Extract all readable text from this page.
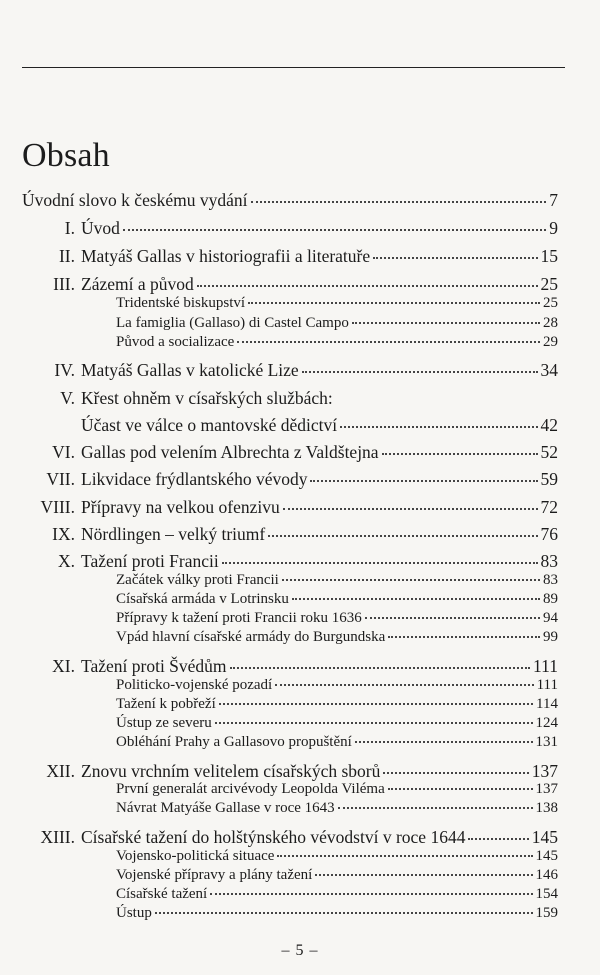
Obsah
Úvodní slovo k českému vydání	7
I. Úvod	9
II. Matyáš Gallas v historiografii a literatuře	15
III. Zázemí a původ	25
Tridentské biskupství	25
La famiglia (Gallaso) di Castel Campo	28
Původ a socializace	29
IV. Matyáš Gallas v katolické Lize	34
V. Křest ohněm v císařských službách:
Účast ve válce o mantovské dědictví	42
VI. Gallas pod velením Albrechta z Valdštejna	52
VII. Likvidace frýdlantského vévody	59
VIII. Přípravy na velkou ofenzivu	72
IX. Nördlingen – velký triumf	76
X. Tažení proti Francii	83
Začátek války proti Francii	83
Císařská armáda v Lotrinsku	89
Přípravy k tažení proti Francii roku 1636	94
Vpád hlavní císařské armády do Burgundska	99
XI. Tažení proti Švédům	111
Politicko-vojenské pozadí	111
Tažení k pobřeží	114
Ústup ze severu	124
Obléhání Prahy a Gallasovo propuštění	131
XII. Znovu vrchním velitelem císařských sborů	137
První generalát arcivévody Leopolda Viléma	137
Návrat Matyáše Gallase v roce 1643	138
XIII. Císařské tažení do holštýnského vévodství v roce 1644	145
Vojensko-politická situace	145
Vojenské přípravy a plány tažení	146
Císařské tažení	154
Ústup	159
– 5 –
